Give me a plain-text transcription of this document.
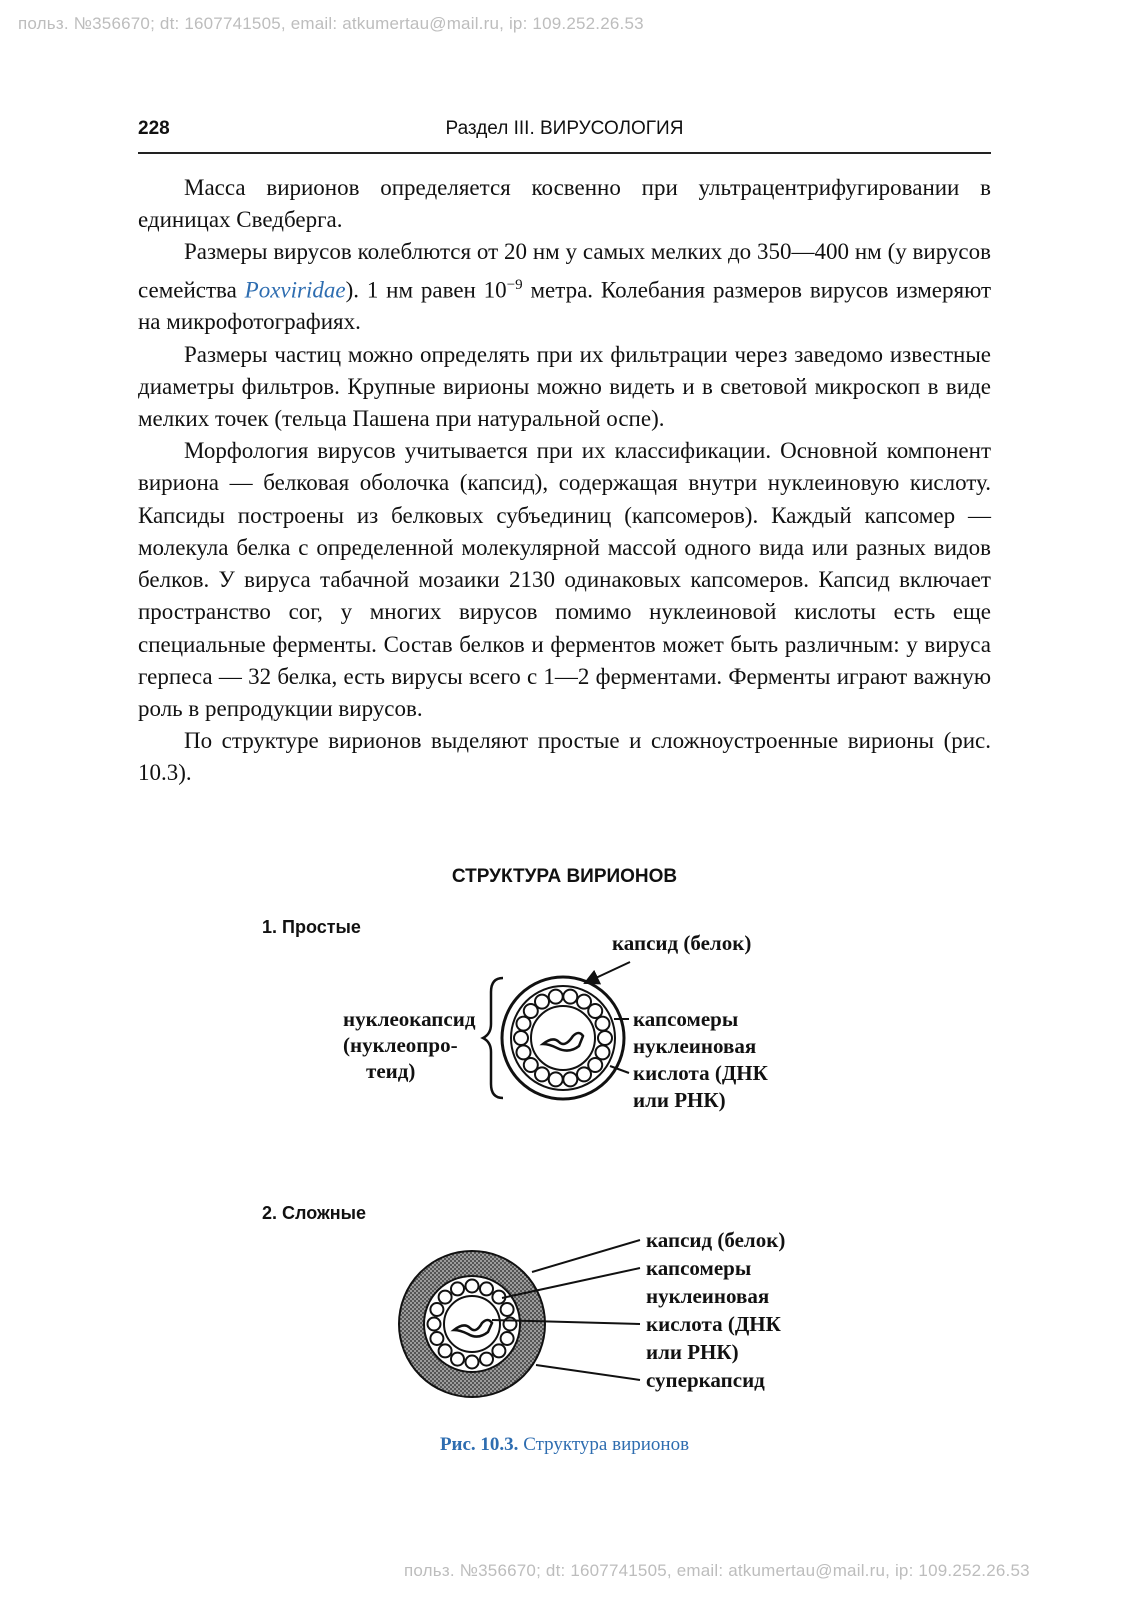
польз. №356670; dt: 1607741505, email: atkumertau@mail.ru, ip: 109.252.26.53
228	Раздел III. ВИРУСОЛОГИЯ

Масса вирионов определяется косвенно при ультрацентрифугировании в единицах Сведберга.

Размеры вирусов колеблются от 20 нм у самых мелких до 350—400 нм (у вирусов семейства Poxviridae). 1 нм равен $10^{-9}$ метра. Колебания размеров вирусов измеряют на микрофотографиях.

Размеры частиц можно определять при их фильтрации через заведомо известные диаметры фильтров. Крупные вирионы можно видеть и в световой микроскоп в виде мелких точек (тельца Пашена при натуральной оспе).

Морфология вирусов учитывается при их классификации. Основной компонент вириона — белковая оболочка (капсид), содержащая внутри нуклеиновую кислоту. Капсиды построены из белковых субъединиц (капсомеров). Каждый капсомер — молекула белка с определенной молекулярной массой одного вида или разных видов белков. У вируса табачной мозаики 2130 одинаковых капсомеров. Капсид включает пространство сог, у многих вирусов помимо нуклеиновой кислоты есть еще специальные ферменты. Состав белков и ферментов может быть различным: у вируса герпеса — 32 белка, есть вирусы всего с 1—2 ферментами. Ферменты играют важную роль в репродукции вирусов.

По структуре вирионов выделяют простые и сложноустроенные вирионы (рис. 10.3).

СТРУКТУРА ВИРИОНОВ
1. Простые
2. Сложные
капсид (белок)
нуклеокапсид
(нуклеопро-
теид)
капсомеры
нуклеиновая
кислота (ДНК
или РНК)
капсид (белок)
капсомеры
нуклеиновая
кислота (ДНК
или РНК)
суперкапсид
Рис. 10.3. Структура вирионов
польз. №356670; dt: 1607741505, email: atkumertau@mail.ru, ip: 109.252.26.53
